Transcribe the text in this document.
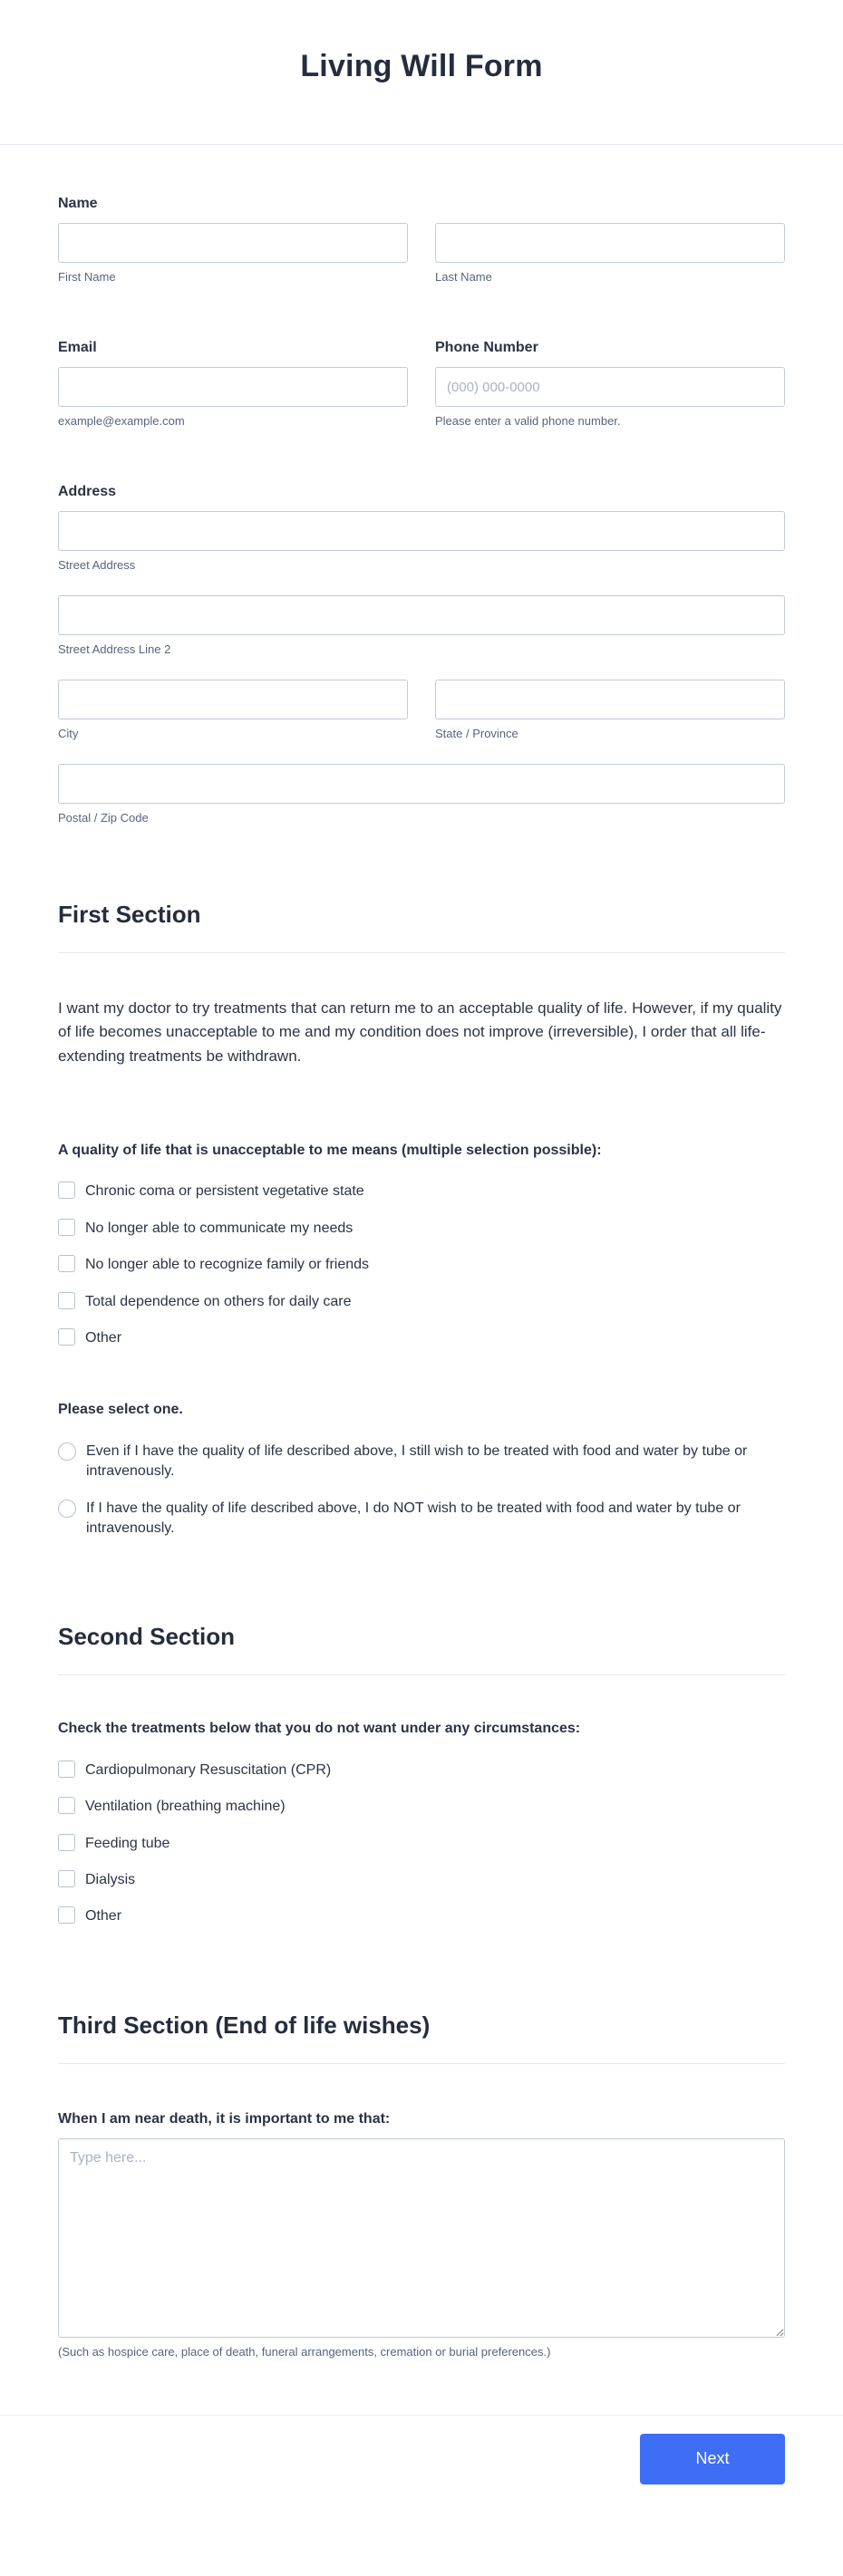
Living Will Form
Name
First Name	Last Name
Email
example@example.com
Phone Number
(000) 000-0000
Please enter a valid phone number.
Address
Street Address
Street Address Line 2
City	State / Province
Postal / Zip Code
First Section

I want my doctor to try treatments that can return me to an acceptable quality of life. However, if my quality of life becomes unacceptable to me and my condition does not improve (irreversible), I order that all life-extending treatments be withdrawn.

A quality of life that is unacceptable to me means (multiple selection possible):
Chronic coma or persistent vegetative state
No longer able to communicate my needs
No longer able to recognize family or friends
Total dependence on others for daily care
Other
Please select one.
Even if I have the quality of life described above, I still wish to be treated with food and water by tube or intravenously.
If I have the quality of life described above, I do NOT wish to be treated with food and water by tube or intravenously.
Second Section
Check the treatments below that you do not want under any circumstances:
Cardiopulmonary Resuscitation (CPR)
Ventilation (breathing machine)
Feeding tube
Dialysis
Other
Third Section (End of life wishes)
When I am near death, it is important to me that:
Type here...
(Such as hospice care, place of death, funeral arrangements, cremation or burial preferences.)
Next
